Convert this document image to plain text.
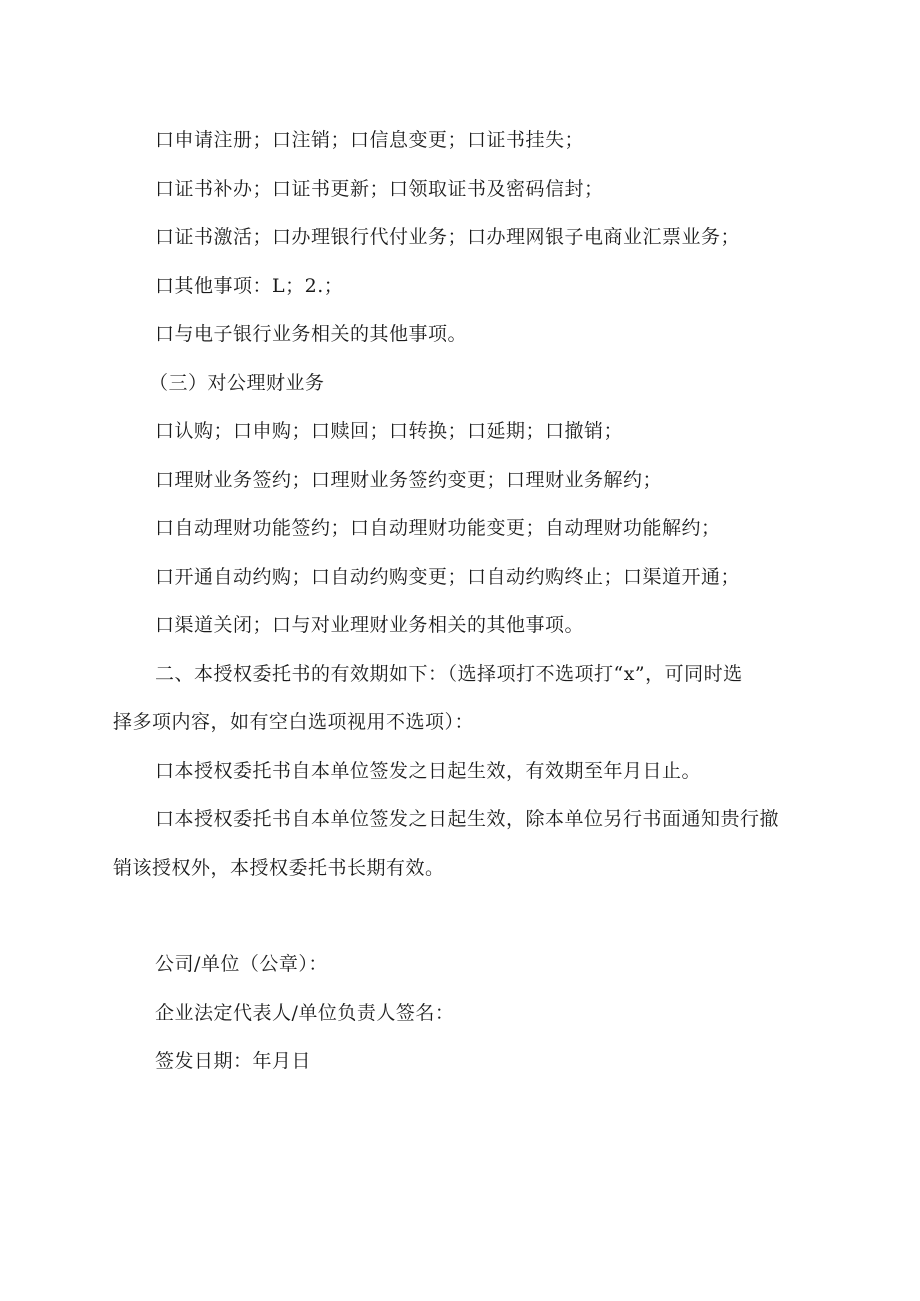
口申请注册；口注销；口信息变更；口证书挂失；
口证书补办；口证书更新；口领取证书及密码信封；
口证书激活；口办理银行代付业务；口办理网银子电商业汇票业务；
口其他事项：L；2.；
口与电子银行业务相关的其他事项。
（三）对公理财业务
口认购；口申购；口赎回；口转换；口延期；口撤销；
口理财业务签约；口理财业务签约变更；口理财业务解约；
口自动理财功能签约；口自动理财功能变更；自动理财功能解约；
口开通自动约购；口自动约购变更；口自动约购终止；口渠道开通；
口渠道关闭；口与对业理财业务相关的其他事项。
二、本授权委托书的有效期如下：（选择项打不选项打“x”，可同时选
择多项内容，如有空白选项视用不选项）：
口本授权委托书自本单位签发之日起生效，有效期至年月日止。
口本授权委托书自本单位签发之日起生效，除本单位另行书面通知贵行撤
销该授权外，本授权委托书长期有效。
公司/单位（公章）：
企业法定代表人/单位负责人签名：
签发日期：年月日
